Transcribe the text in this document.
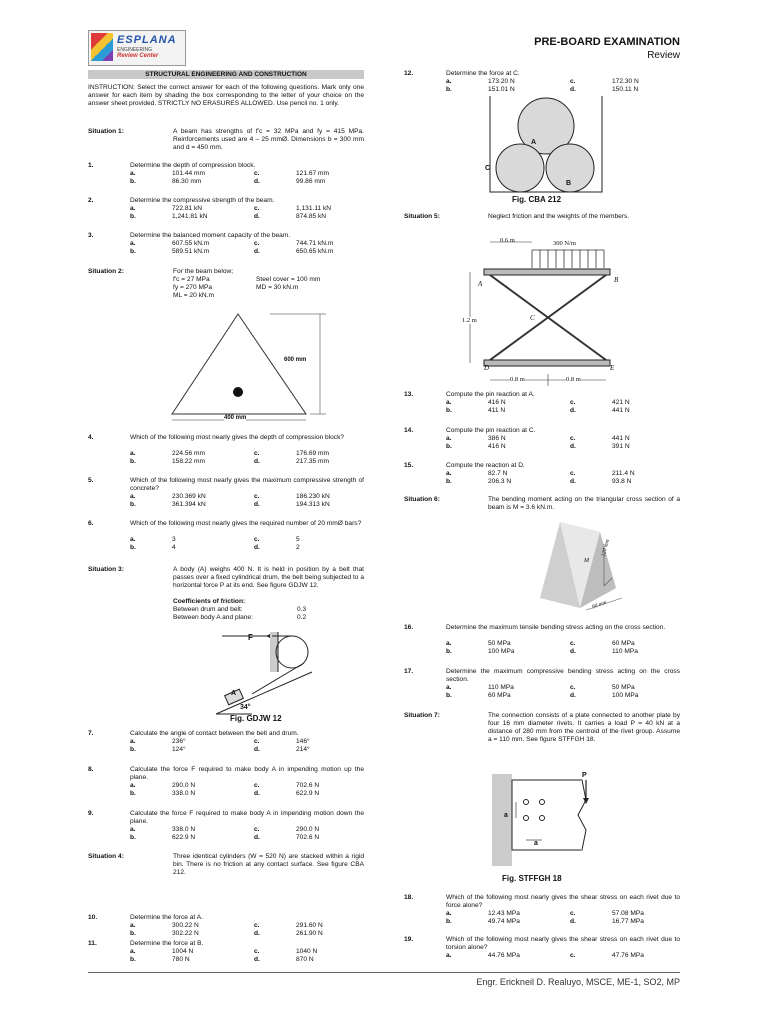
ESPLANA
ENGINEERING
Review Center
PRE-BOARD EXAMINATION
Review
STRUCTURAL ENGINEERING AND CONSTRUCTION
INSTRUCTION: Select the correct answer for each of the following questions. Mark only one answer for each item by shading the box corresponding to the letter of your choice on the answer sheet provided. STRICTLY NO ERASURES ALLOWED. Use pencil no. 1 only.
Situation 1:	A beam has strengths of f'c = 32 MPa and fy = 415 MPa. Reinforcements used are 4 – 25 mmØ. Dimensions b = 300 mm and d = 450 mm.
1.	Determine the depth of compression block.
a.	101.44 mm
b.	86.30 mm
c.	121.67 mm
d.	99.86 mm
2.	Determine the compressive strength of the beam.
a.	722.81 kN
b.	1,241.81 kN
c.	1,131.11 kN
d.	874.85 kN
3.	Determine the balanced moment capacity of the beam.
a.	607.55 kN.m
b.	589.51 kN.m
c.	744.71 kN.m
d.	650.65 kN.m
4.	Which of the following most nearly gives the depth of compression block?
a.	224.56 mm
b.	158.22 mm
c.	176.69 mm
d.	217.35 mm
5.	Which of the following most nearly gives the maximum compressive strength of concrete?
a.	230.369 kN
b.	361.394 kN
c.	186.230 kN
d.	194.313 kN
6.	Which of the following most nearly gives the required number of 20 mmØ bars?
a.	3
b.	4
c.	5
d.	2
7.	Calculate the angle of contact between the belt and drum.
a.	236°
b.	124°
c.	146°
d.	214°
8.	Calculate the force F required to make body A in impending motion up the plane.
a.	290.0 N
b.	338.0 N
c.	702.6 N
d.	622.9 N
9.	Calculate the force F required to make body A in impending motion down the plane.
a.	338.0 N
b.	622.9 N
c.	290.0 N
d.	702.6 N
10.	Determine the force at A.
a.	300.22 N
b.	302.22 N
c.	291.60 N
d.	261.90 N
11.	Determine the force at B.
a.	1004 N
b.	780 N
c.	1040 N
d.	870 N
12.	Determine the force at C.
a.	173.20 N
b.	151.01 N
c.	172.30 N
d.	150.11 N
13.	Compute the pin reaction at A.
a.	416 N
b.	411 N
c.	421 N
d.	441 N
14.	Compute the pin reaction at C.
a.	386 N
b.	416 N
c.	441 N
d.	391 N
15.	Compute the reaction at D.
a.	82.7 N
b.	206.3 N
c.	211.4 N
d.	93.8 N
16.	Determine the maximum tensile bending stress acting on the cross section.
a.	50 MPa
b.	100 MPa
c.	60 MPa
d.	110 MPa
17.	Determine the maximum compressive bending stress acting on the cross section.
a.	110 MPa
b.	60 MPa
c.	50 MPa
d.	100 MPa
18.	Which of the following most nearly gives the shear stress on each rivet due to force alone?
a.	12.43 MPa
b.	49.74 MPa
c.	57.08 MPa
d.	16.77 MPa
19.	Which of the following most nearly gives the shear stress on each rivet due to torsion alone?
a.	44.76 MPa	c.	47.76 MPa
Situation 2:	For the beam below;
f'c = 27 MPa	Steel cover = 100 mm
fy = 270 MPa	MD = 30 kN.m
ML = 20 kN.m
600 mm
400 mm
Situation 3:	A body (A) weighs 400 N. It is held in position by a belt that passes over a fixed cylindrical drum, the belt being subjected to a horizontal force P at its end. See figure GDJW 12.
Coefficients of friction:
Between drum and belt:	0.3
Between body A and plane:	0.2
F
A
34°
Fig. GDJW 12
Situation 4:	Three identical cylinders (W = 520 N) are stacked within a rigid bin. There is no friction at any contact surface. See figure CBA 212.
A
B
C
Fig. CBA 212
Situation 5:	Neglect friction and the weights of the members.
0.6 m	300 N/m
1.2 m
0.8 m	0.8 m
A	B
C
D	E
Situation 6:	The bending moment acting on the triangular cross section of a beam is M = 3.6 kN.m.
120 mm
90 mm
M
Situation 7:	The connection consists of a plate connected to another plate by four 16 mm diameter rivets. It carries a load P = 40 kN at a distance of 280 mm from the centroid of the rivet group. Assume a = 110 mm. See figure STFFGH 18.
P
a
a
Fig. STFFGH 18
Engr. Erickneil D. Realuyo, MSCE, ME-1, SO2, MP
